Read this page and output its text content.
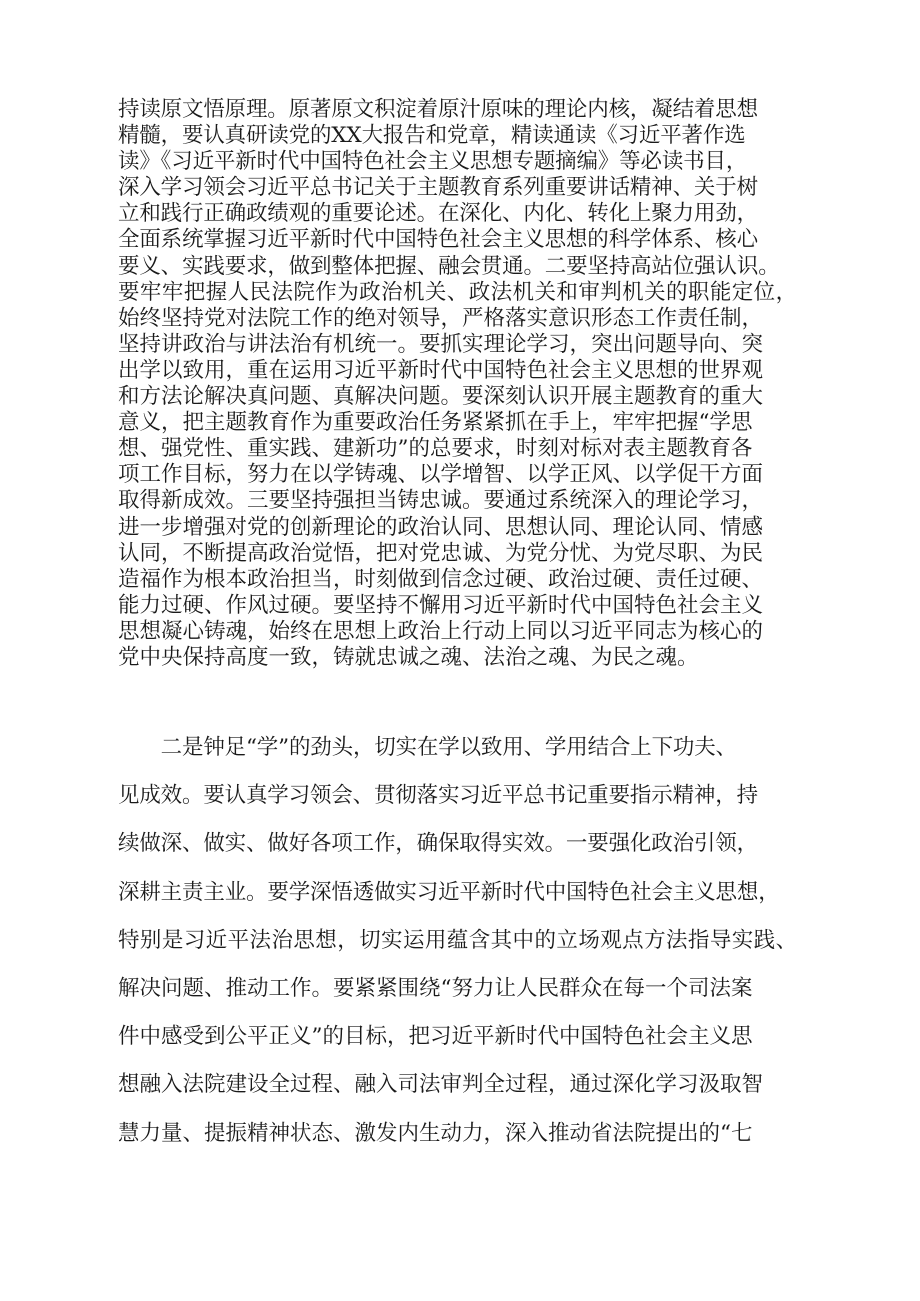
持读原文悟原理。原著原文积淀着原汁原味的理论内核，凝结着思想
精髓，要认真研读党的XX大报告和党章，精读通读《习近平著作选
读》《习近平新时代中国特色社会主义思想专题摘编》等必读书目，
深入学习领会习近平总书记关于主题教育系列重要讲话精神、关于树
立和践行正确政绩观的重要论述。在深化、内化、转化上聚力用劲，
全面系统掌握习近平新时代中国特色社会主义思想的科学体系、核心
要义、实践要求，做到整体把握、融会贯通。二要坚持高站位强认识。
要牢牢把握人民法院作为政治机关、政法机关和审判机关的职能定位，
始终坚持党对法院工作的绝对领导，严格落实意识形态工作责任制，
坚持讲政治与讲法治有机统一。要抓实理论学习，突出问题导向、突
出学以致用，重在运用习近平新时代中国特色社会主义思想的世界观
和方法论解决真问题、真解决问题。要深刻认识开展主题教育的重大
意义，把主题教育作为重要政治任务紧紧抓在手上，牢牢把握“学思
想、强党性、重实践、建新功”的总要求，时刻对标对表主题教育各
项工作目标，努力在以学铸魂、以学增智、以学正风、以学促干方面
取得新成效。三要坚持强担当铸忠诚。要通过系统深入的理论学习，
进一步增强对党的创新理论的政治认同、思想认同、理论认同、情感
认同，不断提高政治觉悟，把对党忠诚、为党分忧、为党尽职、为民
造福作为根本政治担当，时刻做到信念过硬、政治过硬、责任过硬、
能力过硬、作风过硬。要坚持不懈用习近平新时代中国特色社会主义
思想凝心铸魂，始终在思想上政治上行动上同以习近平同志为核心的
党中央保持高度一致，铸就忠诚之魂、法治之魂、为民之魂。
　　二是钟足“学”的劲头，切实在学以致用、学用结合上下功夫、
见成效。要认真学习领会、贯彻落实习近平总书记重要指示精神，持
续做深、做实、做好各项工作，确保取得实效。一要强化政治引领，
深耕主责主业。要学深悟透做实习近平新时代中国特色社会主义思想，
特别是习近平法治思想，切实运用蕴含其中的立场观点方法指导实践、
解决问题、推动工作。要紧紧围绕“努力让人民群众在每一个司法案
件中感受到公平正义”的目标，把习近平新时代中国特色社会主义思
想融入法院建设全过程、融入司法审判全过程，通过深化学习汲取智
慧力量、提振精神状态、激发内生动力，深入推动省法院提出的“七
